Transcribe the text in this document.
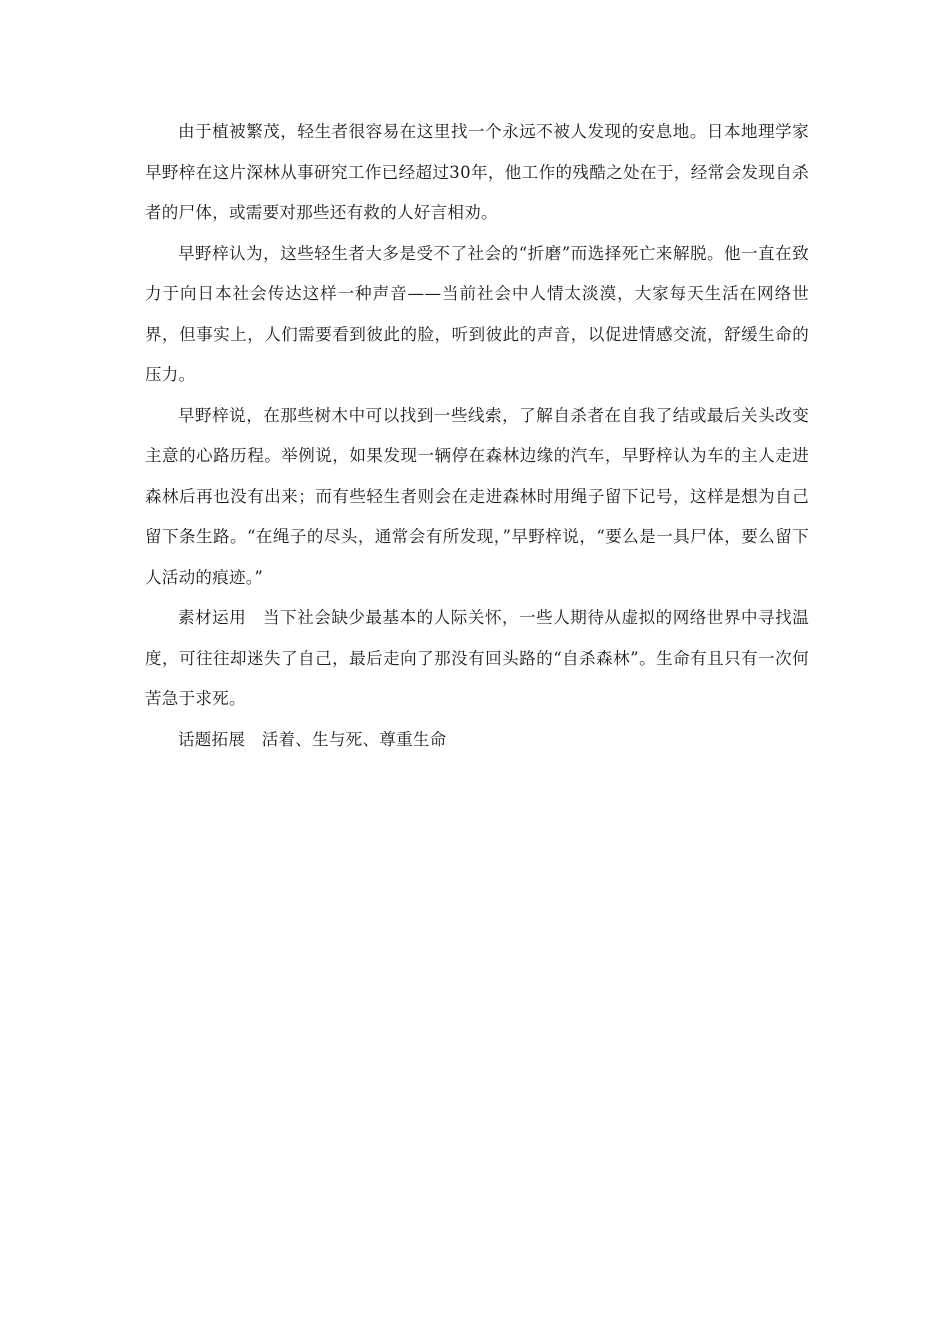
由于植被繁茂，轻生者很容易在这里找一个永远不被人发现的安息地。日本地理学家早野梓在这片深林从事研究工作已经超过30年，他工作的残酷之处在于，经常会发现自杀者的尸体，或需要对那些还有救的人好言相劝。

早野梓认为，这些轻生者大多是受不了社会的“折磨”而选择死亡来解脱。他一直在致力于向日本社会传达这样一种声音——当前社会中人情太淡漠，大家每天生活在网络世界，但事实上，人们需要看到彼此的脸，听到彼此的声音，以促进情感交流，舒缓生命的压力。

早野梓说，在那些树木中可以找到一些线索，了解自杀者在自我了结或最后关头改变主意的心路历程。举例说，如果发现一辆停在森林边缘的汽车，早野梓认为车的主人走进森林后再也没有出来；而有些轻生者则会在走进森林时用绳子留下记号，这样是想为自己留下条生路。“在绳子的尽头，通常会有所发现，”早野梓说，“要么是一具尸体，要么留下人活动的痕迹。”

素材运用 当下社会缺少最基本的人际关怀，一些人期待从虚拟的网络世界中寻找温度，可往往却迷失了自己，最后走向了那没有回头路的“自杀森林”。生命有且只有一次何苦急于求死。

话题拓展 活着、生与死、尊重生命
